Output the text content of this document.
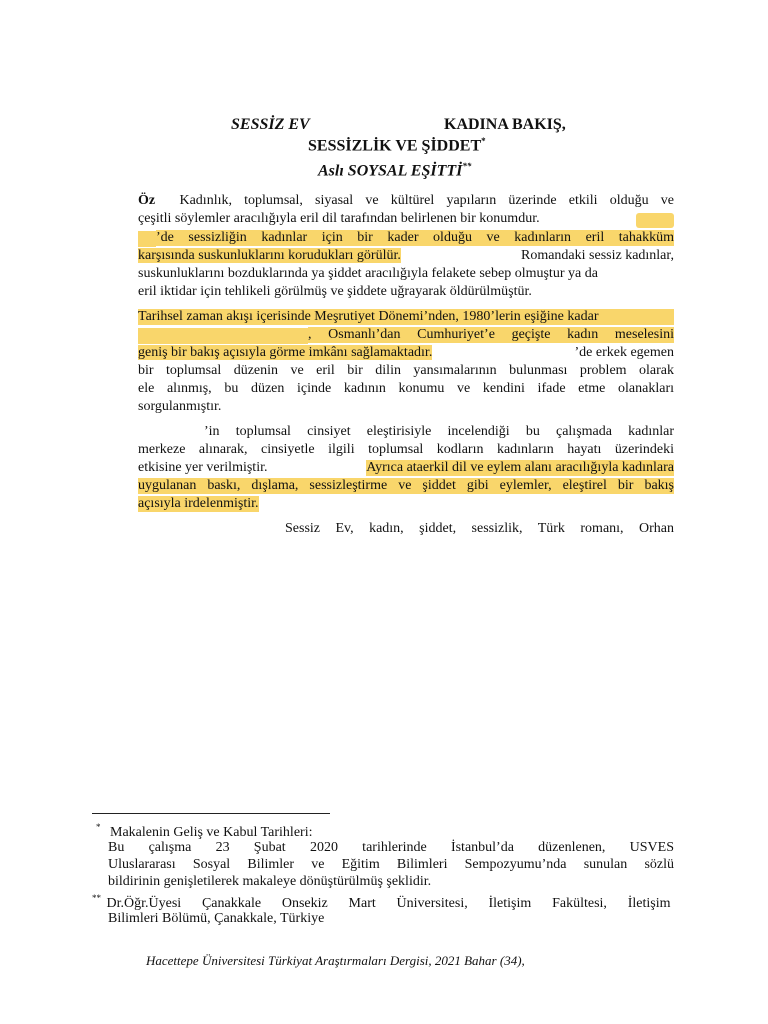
SESSİZ EV	KADINA BAKIŞ,
SESSİZLİK VE ŞİDDET*
Aslı SOYSAL EŞİTTİ**
Öz Kadınlık, toplumsal, siyasal ve kültürel yapıların üzerinde etkili olduğu ve
çeşitli söylemler aracılığıyla eril dil tarafından belirlenen bir konumdur.
’de sessizliğin kadınlar için bir kader olduğu ve kadınların eril tahakküm
karşısında suskunluklarını korudukları görülür.	Romandaki sessiz kadınlar,
suskunluklarını bozduklarında ya şiddet aracılığıyla felakete sebep olmuştur ya da
eril iktidar için tehlikeli görülmüş ve şiddete uğrayarak öldürülmüştür.
Tarihsel zaman akışı içerisinde Meşrutiyet Dönemi’nden, 1980’lerin eşiğine kadar
, Osmanlı’dan Cumhuriyet’e geçişte kadın meselesini
geniş bir bakış açısıyla görme imkânı sağlamaktadır.	’de erkek egemen
bir toplumsal düzenin ve eril bir dilin yansımalarının bulunması problem olarak
ele alınmış, bu düzen içinde kadının konumu ve kendini ifade etme olanakları
sorgulanmıştır.
’in toplumsal cinsiyet eleştirisiyle incelendiği bu çalışmada kadınlar
merkeze alınarak, cinsiyetle ilgili toplumsal kodların kadınların hayatı üzerindeki
etkisine yer verilmiştir.	Ayrıca ataerkil dil ve eylem alanı aracılığıyla kadınlara
uygulanan baskı, dışlama, sessizleştirme ve şiddet gibi eylemler, eleştirel bir bakış
açısıyla irdelenmiştir.
Sessiz Ev, kadın, şiddet, sessizlik, Türk romanı, Orhan
* Makalenin Geliş ve Kabul Tarihleri:
Bu çalışma 23 Şubat 2020 tarihlerinde İstanbul’da düzenlenen, USVES
Uluslararası Sosyal Bilimler ve Eğitim Bilimleri Sempozyumu’nda sunulan sözlü
bildirinin genişletilerek makaleye dönüştürülmüş şeklidir.
** Dr.Öğr.Üyesi Çanakkale Onsekiz Mart Üniversitesi, İletişim Fakültesi, İletişim
Bilimleri Bölümü, Çanakkale, Türkiye
Hacettepe Üniversitesi Türkiyat Araştırmaları Dergisi, 2021 Bahar (34),
